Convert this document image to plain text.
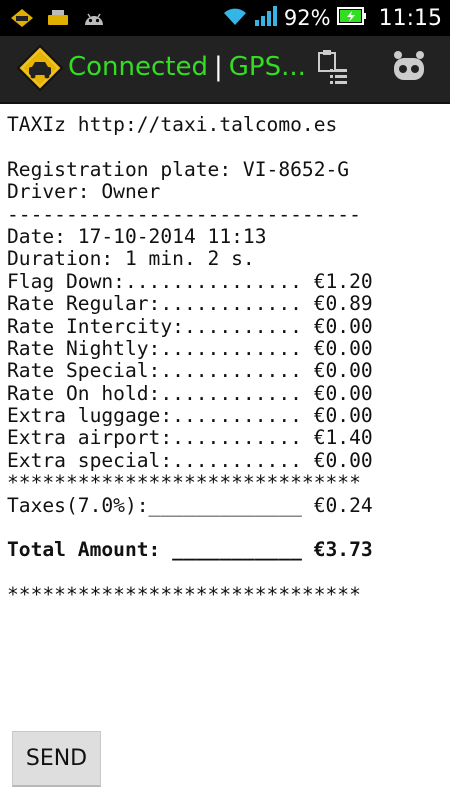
92% 11:15
Connected | GPS...
TAXIz http://taxi.talcomo.es
Registration plate: VI-8652-G
Driver: Owner
------------------------------
Date: 17-10-2014 11:13
Duration: 1 min. 2 s.
Flag Down:............... €1.20
Rate Regular:............ €0.89
Rate Intercity:.......... €0.00
Rate Nightly:............ €0.00
Rate Special:............ €0.00
Rate On hold:............ €0.00
Extra luggage:........... €0.00
Extra airport:........... €1.40
Extra special:........... €0.00
******************************
Taxes(7.0%):_____________ €0.24
Total Amount: ___________ €3.73
******************************
SEND
